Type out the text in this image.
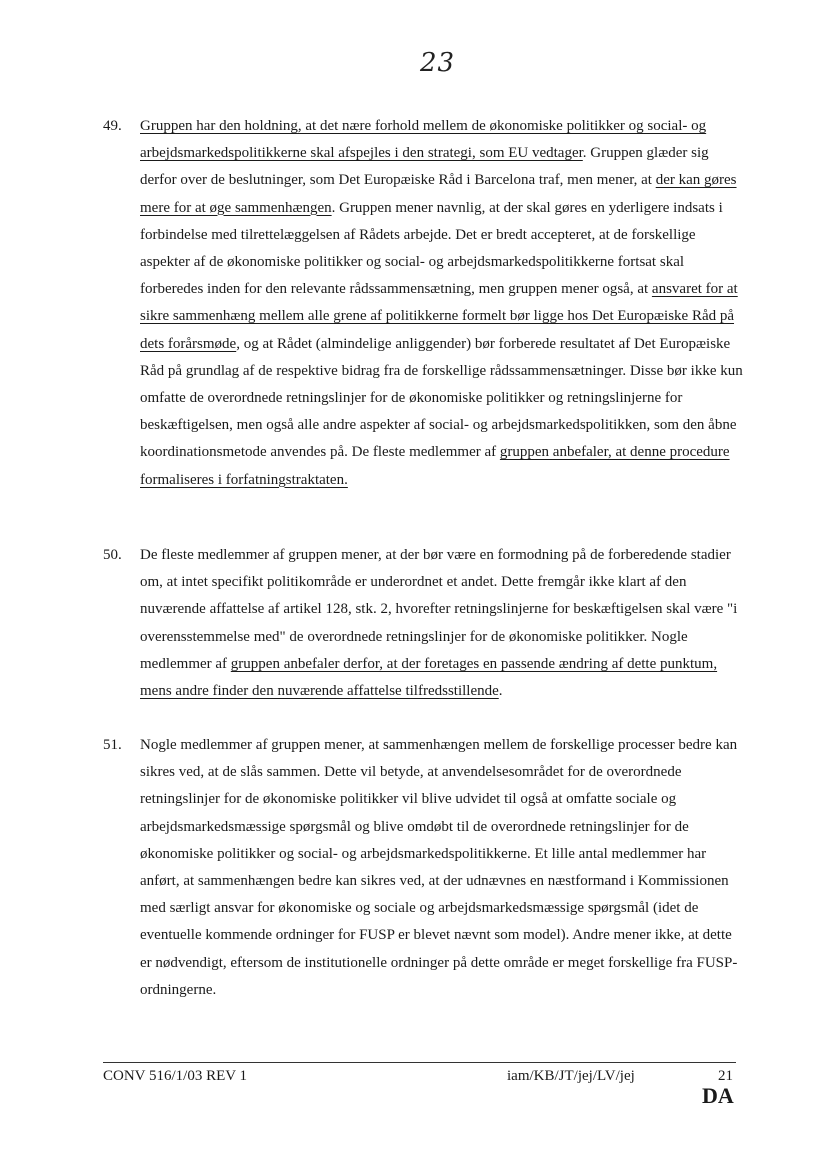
23
49.	Gruppen har den holdning, at det nære forhold mellem de økonomiske politikker og social- og arbejdsmarkedspolitikkerne skal afspejles i den strategi, som EU vedtager. Gruppen glæder sig derfor over de beslutninger, som Det Europæiske Råd i Barcelona traf, men mener, at der kan gøres mere for at øge sammenhængen. Gruppen mener navnlig, at der skal gøres en yderligere indsats i forbindelse med tilrettelæggelsen af Rådets arbejde. Det er bredt accepteret, at de forskellige aspekter af de økonomiske politikker og social- og arbejdsmarkedspolitikkerne fortsat skal forberedes inden for den relevante rådssammensætning, men gruppen mener også, at ansvaret for at sikre sammenhæng mellem alle grene af politikkerne formelt bør ligge hos Det Europæiske Råd på dets forårsmøde, og at Rådet (almindelige anliggender) bør forberede resultatet af Det Europæiske Råd på grundlag af de respektive bidrag fra de forskellige rådssammensætninger. Disse bør ikke kun omfatte de overordnede retningslinjer for de økonomiske politikker og retningslinjerne for beskæftigelsen, men også alle andre aspekter af social- og arbejdsmarkedspolitikken, som den åbne koordinationsmetode anvendes på. De fleste medlemmer af gruppen anbefaler, at denne procedure formaliseres i forfatningstraktaten.
50.	De fleste medlemmer af gruppen mener, at der bør være en formodning på de forberedende stadier om, at intet specifikt politikområde er underordnet et andet. Dette fremgår ikke klart af den nuværende affattelse af artikel 128, stk. 2, hvorefter retningslinjerne for beskæftigelsen skal være "i overensstemmelse med" de overordnede retningslinjer for de økonomiske politikker. Nogle medlemmer af gruppen anbefaler derfor, at der foretages en passende ændring af dette punktum, mens andre finder den nuværende affattelse tilfredsstillende.
51.	Nogle medlemmer af gruppen mener, at sammenhængen mellem de forskellige processer bedre kan sikres ved, at de slås sammen. Dette vil betyde, at anvendelsesområdet for de overordnede retningslinjer for de økonomiske politikker vil blive udvidet til også at omfatte sociale og arbejdsmarkedsmæssige spørgsmål og blive omdøbt til de overordnede retningslinjer for de økonomiske politikker og social- og arbejdsmarkedspolitikkerne. Et lille antal medlemmer har anført, at sammenhængen bedre kan sikres ved, at der udnævnes en næstformand i Kommissionen med særligt ansvar for økonomiske og sociale og arbejdsmarkedsmæssige spørgsmål (idet de eventuelle kommende ordninger for FUSP er blevet nævnt som model). Andre mener ikke, at dette er nødvendigt, eftersom de institutionelle ordninger på dette område er meget forskellige fra FUSP-ordningerne.
CONV 516/1/03 REV 1	iam/KB/JT/jej/LV/jej	21
DA
